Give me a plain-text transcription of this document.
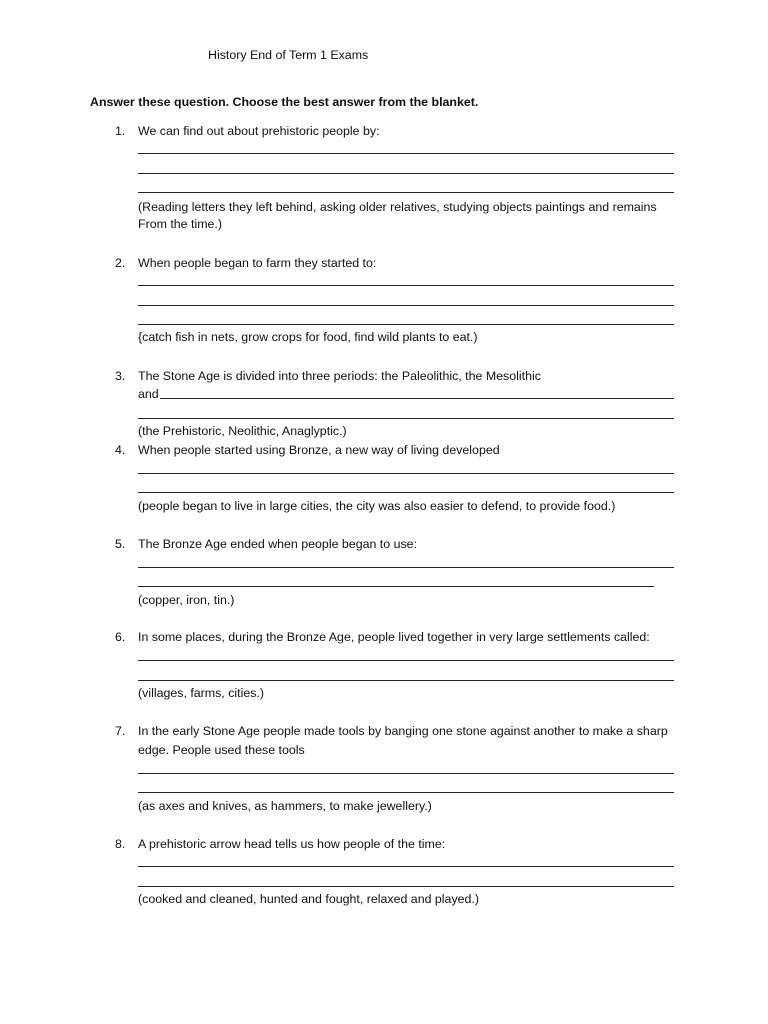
History End of Term 1 Exams
Answer these question. Choose the best answer from the blanket.
1.	We can find out about prehistoric people by:
(Reading letters they left behind, asking older relatives, studying objects paintings and remains
From the time.)
2.	When people began to farm they started to:
{catch fish in nets, grow crops for food, find wild plants to eat.)
3.	The Stone Age is divided into three periods: the Paleolithic, the Mesolithic
and
(the Prehistoric, Neolithic, Anaglyptic.)
4.	When people started using Bronze, a new way of living developed
(people began to live in large cities, the city was also easier to defend, to provide food.)
5.	The Bronze Age ended when people began to use:
(copper, iron, tin.)
6.	In some places, during the Bronze Age, people lived together in very large settlements called:
(villages, farms, cities.)
7.	In the early Stone Age people made tools by banging one stone against another to make a sharp
edge. People used these tools
(as axes and knives, as hammers, to make jewellery.)
8.	A prehistoric arrow head tells us how people of the time:
(cooked and cleaned, hunted and fought, relaxed and played.)
